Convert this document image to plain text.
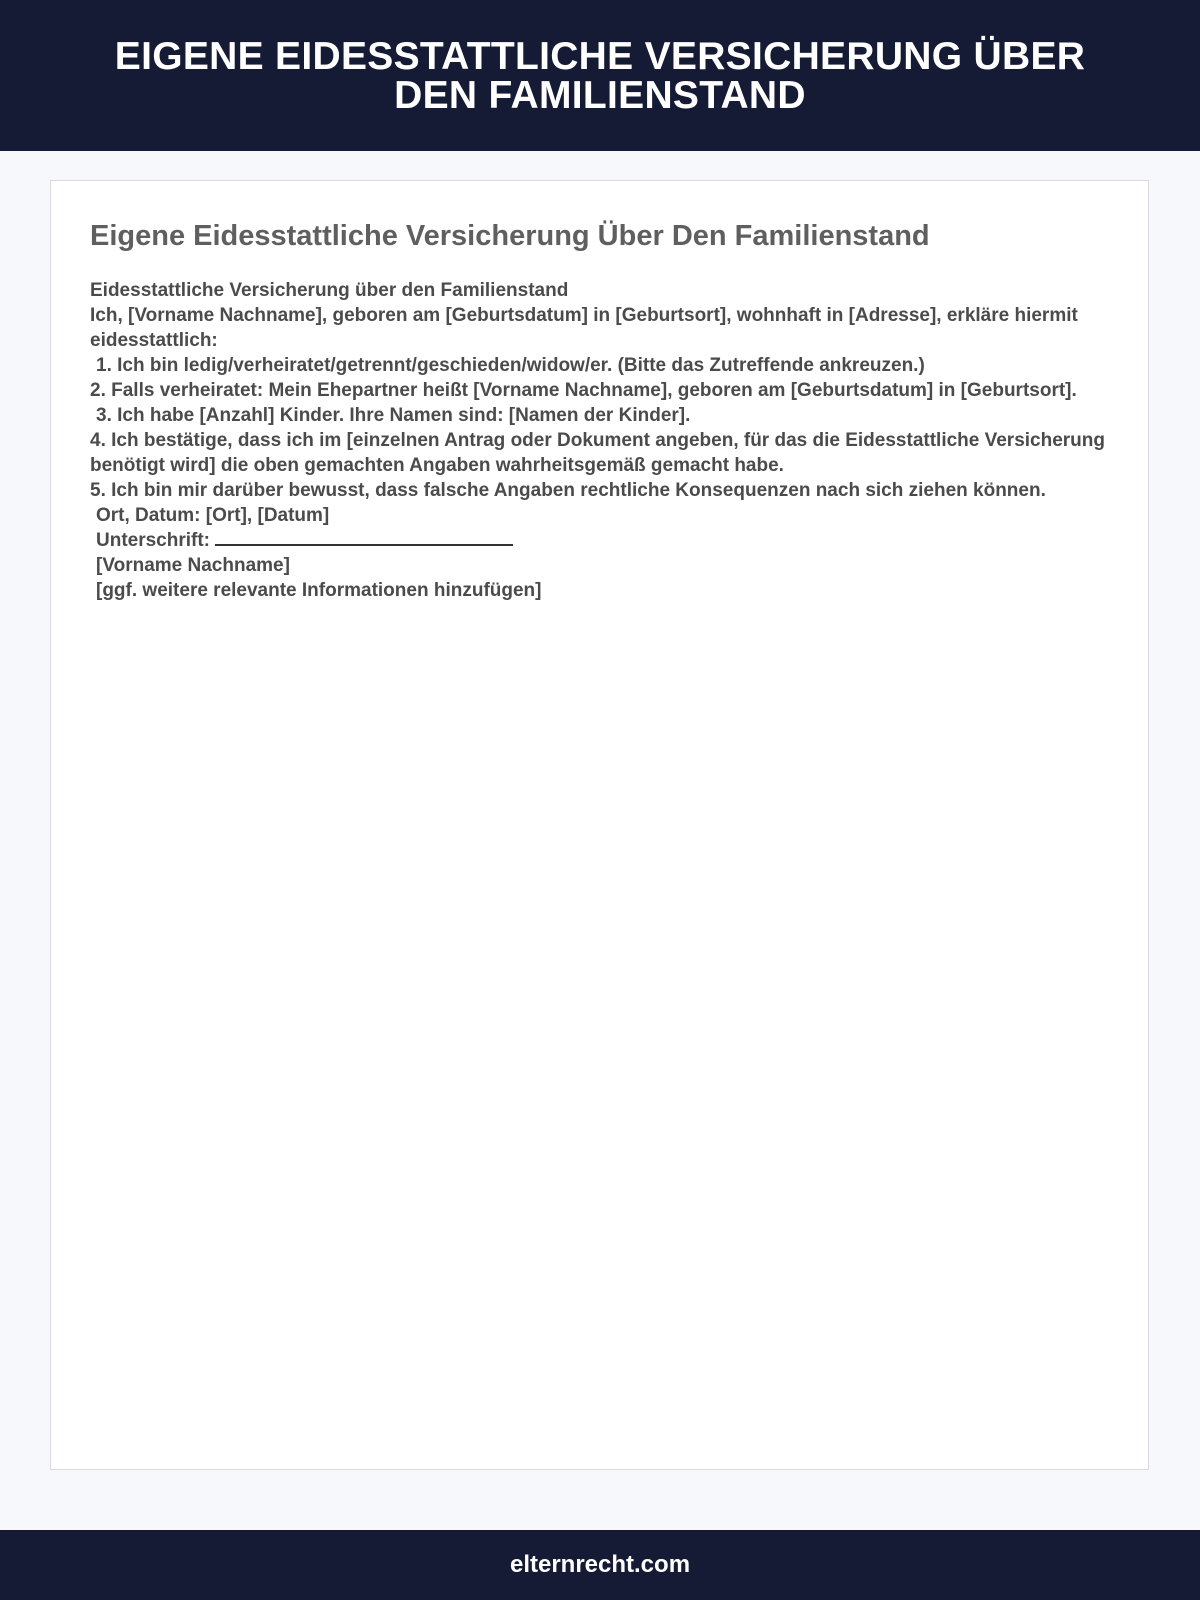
EIGENE EIDESSTATTLICHE VERSICHERUNG ÜBER DEN FAMILIENSTAND
Eigene Eidesstattliche Versicherung Über Den Familienstand

Eidesstattliche Versicherung über den Familienstand

Ich, [Vorname Nachname], geboren am [Geburtsdatum] in [Geburtsort], wohnhaft in [Adresse], erkläre hiermit eidesstattlich:

1. Ich bin ledig/verheiratet/getrennt/geschieden/widow/er. (Bitte das Zutreffende ankreuzen.)

2. Falls verheiratet: Mein Ehepartner heißt [Vorname Nachname], geboren am [Geburtsdatum] in [Geburtsort].

3. Ich habe [Anzahl] Kinder. Ihre Namen sind: [Namen der Kinder].

4. Ich bestätige, dass ich im [einzelnen Antrag oder Dokument angeben, für das die Eidesstattliche Versicherung benötigt wird] die oben gemachten Angaben wahrheitsgemäß gemacht habe.

5. Ich bin mir darüber bewusst, dass falsche Angaben rechtliche Konsequenzen nach sich ziehen können.

Ort, Datum: [Ort], [Datum]

Unterschrift:

[Vorname Nachname]

[ggf. weitere relevante Informationen hinzufügen]

elternrecht.com
